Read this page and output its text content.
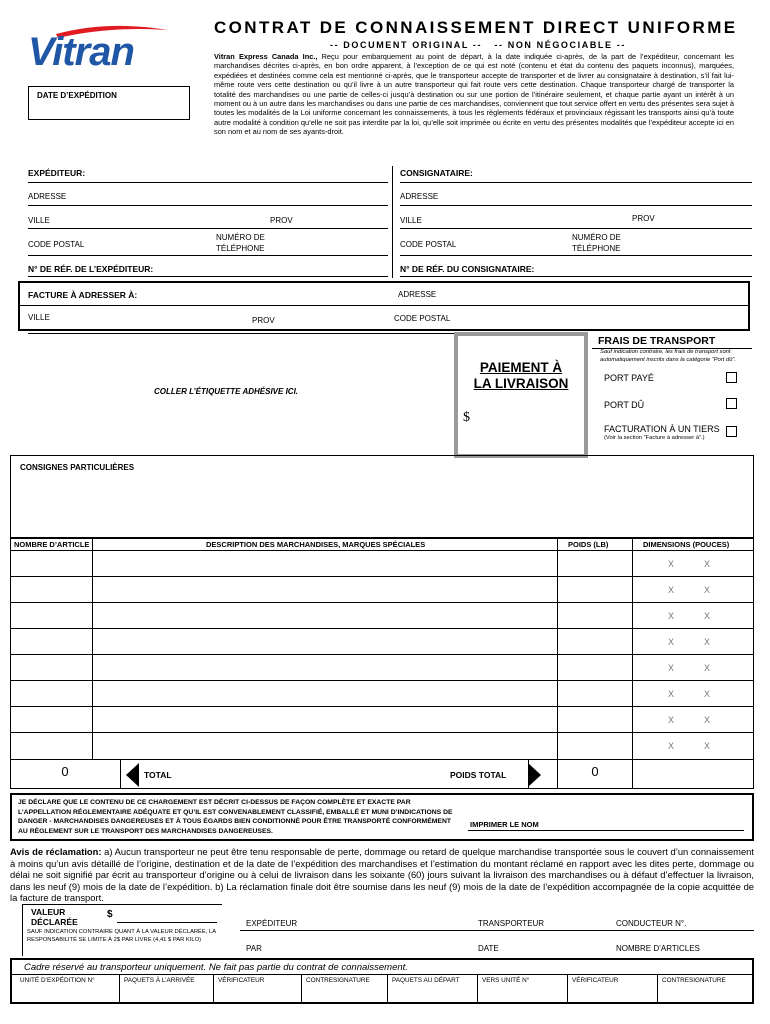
Vitran
CONTRAT DE CONNAISSEMENT DIRECT UNIFORME
-- DOCUMENT ORIGINAL --   -- NON NÉGOCIABLE --
Vitran Express Canada Inc., Reçu pour embarquement au point de départ, à la date indiquée ci-après, de la part de l’expéditeur, concernant les marchandises décrites ci-après, en bon ordre apparent, à l’exception de ce qui est noté (contenu et état du contenu des paquets inconnus), marquées, expédiées et destinées comme cela est mentionné ci-après, que le transporteur accepte de transporter et de livrer au consignataire à destination, s’il fait lui-même route vers cette destination ou qu’il livre à un autre transporteur qui fait route vers cette destination. Chaque transporteur chargé de transporter la totalité des marchandises ou une partie de celles-ci jusqu’à destination ou sur une portion de l’itinéraire seulement, et chaque partie ayant un intérêt à un moment ou à un autre dans les marchandises ou dans une partie de ces marchandises, conviennent que tout service offert en vertu des présentes sera sujet à toutes les modalités de la Loi uniforme concernant les connaissements, à tous les règlements fédéraux et provinciaux régissant les transports ainsi qu’à toute autre modalité à condition qu’elle ne soit pas interdite par la loi, qu’elle soit imprimée ou écrite en vertu des présentes modalités que l’expéditeur accepte ici en son nom et au nom de ses ayants-droit.
DATE D’EXPÉDITION
EXPÉDITEUR:
ADRESSE
VILLE	PROV
CODE POSTAL
NUMÉRO DE TÉLÉPHONE
N° DE RÉF. DE L’EXPÉDITEUR:
CONSIGNATAIRE:
ADRESSE
VILLE	PROV
CODE POSTAL
NUMÉRO DE TÉLÉPHONE
N° DE RÉF. DU CONSIGNATAIRE:
FACTURE À ADRESSER À:	ADRESSE
VILLE	PROV	CODE POSTAL
COLLER L’ÉTIQUETTE ADHÉSIVE ICI.
PAIEMENT À
LA LIVRAISON
$
FRAIS DE TRANSPORT
Sauf indication contraire, les frais de transport sont automatiquement inscrits dans la catégorie “Port dû”.
PORT PAYÉ
PORT DÛ
FACTURATION À UN TIERS
(Voir la section “Facture à adresser à”.)
CONSIGNES PARTICULIÈRES
NOMBRE D’ARTICLE	DESCRIPTION DES MARCHANDISES, MARQUES SPÉCIALES	POIDS (LB)	DIMENSIONS (POUCES)
X	X
X	X
X	X
X	X
X	X
X	X
X	X
X	X
0	TOTAL	POIDS TOTAL	0
JE DÉCLARE QUE LE CONTENU DE CE CHARGEMENT EST DÉCRIT CI-DESSUS DE FAÇON COMPLÈTE ET EXACTE PAR L’APPELLATION RÉGLEMENTAIRE ADÉQUATE ET QU’IL EST CONVENABLEMENT CLASSIFIÉ, EMBALLÉ ET MUNI D’INDICATIONS DE DANGER - MARCHANDISES DANGEREUSES ET À TOUS ÉGARDS BIEN CONDITIONNÉ POUR ÊTRE TRANSPORTÉ CONFORMÉMENT AU RÈGLEMENT SUR LE TRANSPORT DES MARCHANDISES DANGEREUSES.
IMPRIMER LE NOM
Avis de réclamation: a) Aucun transporteur ne peut être tenu responsable de perte, dommage ou retard de quelque marchandise transportée sous le couvert d’un connaissement à moins qu’un avis détaillé de l’origine, destination et de la date de l’expédition des marchandises et l’estimation du montant réclamé en rapport avec les dites perte, dommage ou délai ne soit signifié par écrit au transporteur d’origine ou à celui de livraison dans les soixante (60) jours suivant la livraison des marchandises ou à défaut d’effectuer la livraison, dans les neuf (9) mois de la date de l’expédition. b) La réclamation finale doit être soumise dans les neuf (9) mois de la date de l’expédition accompagnée de la copie acquittée de la facture de transport.
VALEUR
DÉCLARÉE
$
SAUF INDICATION CONTRAIRE QUANT À LA VALEUR DÉCLARÉE, LA RESPONSABILITÉ SE LIMITE À 2$ PAR LIVRE (4,41 $ PAR KILO)
EXPÉDITEUR	TRANSPORTEUR	CONDUCTEUR N°.
PAR	DATE	NOMBRE D’ARTICLES
Cadre réservé au transporteur uniquement. Ne fait pas partie du contrat de connaissement.
UNITÉ D’EXPÉDITION N°	PAQUETS À L’ARRIVÉE	VÉRIFICATEUR	CONTRESIGNATURE	PAQUETS AU DÉPART	VERS UNITÉ N°	VÉRIFICATEUR	CONTRESIGNATURE
